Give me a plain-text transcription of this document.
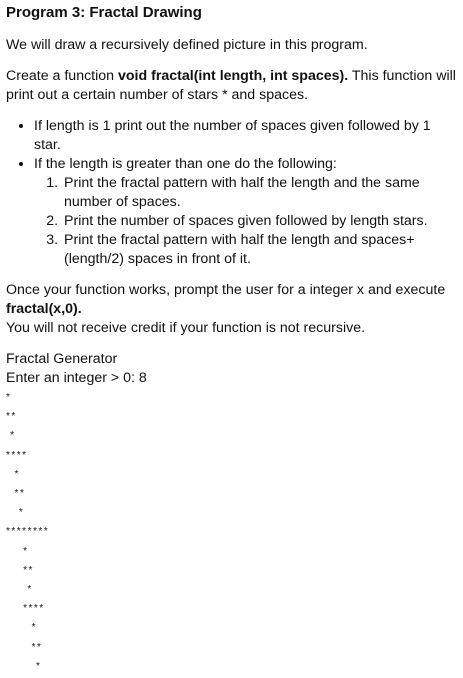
Program 3: Fractal Drawing

We will draw a recursively defined picture in this program.

Create a function void fractal(int length, int spaces). This function will print out a certain number of stars * and spaces.

• If length is 1 print out the number of spaces given followed by 1 star.
• If the length is greater than one do the following:
1. Print the fractal pattern with half the length and the same number of spaces.
2. Print the number of spaces given followed by length stars.
3. Print the fractal pattern with half the length and spaces+ (length/2) spaces in front of it.

Once your function works, prompt the user for a integer x and execute fractal(x,0).
You will not receive credit if your function is not recursive.

Fractal Generator
Enter an integer > 0: 8
*
**
*
****
*
**
*
********
*
**
*
****
*
**
*
